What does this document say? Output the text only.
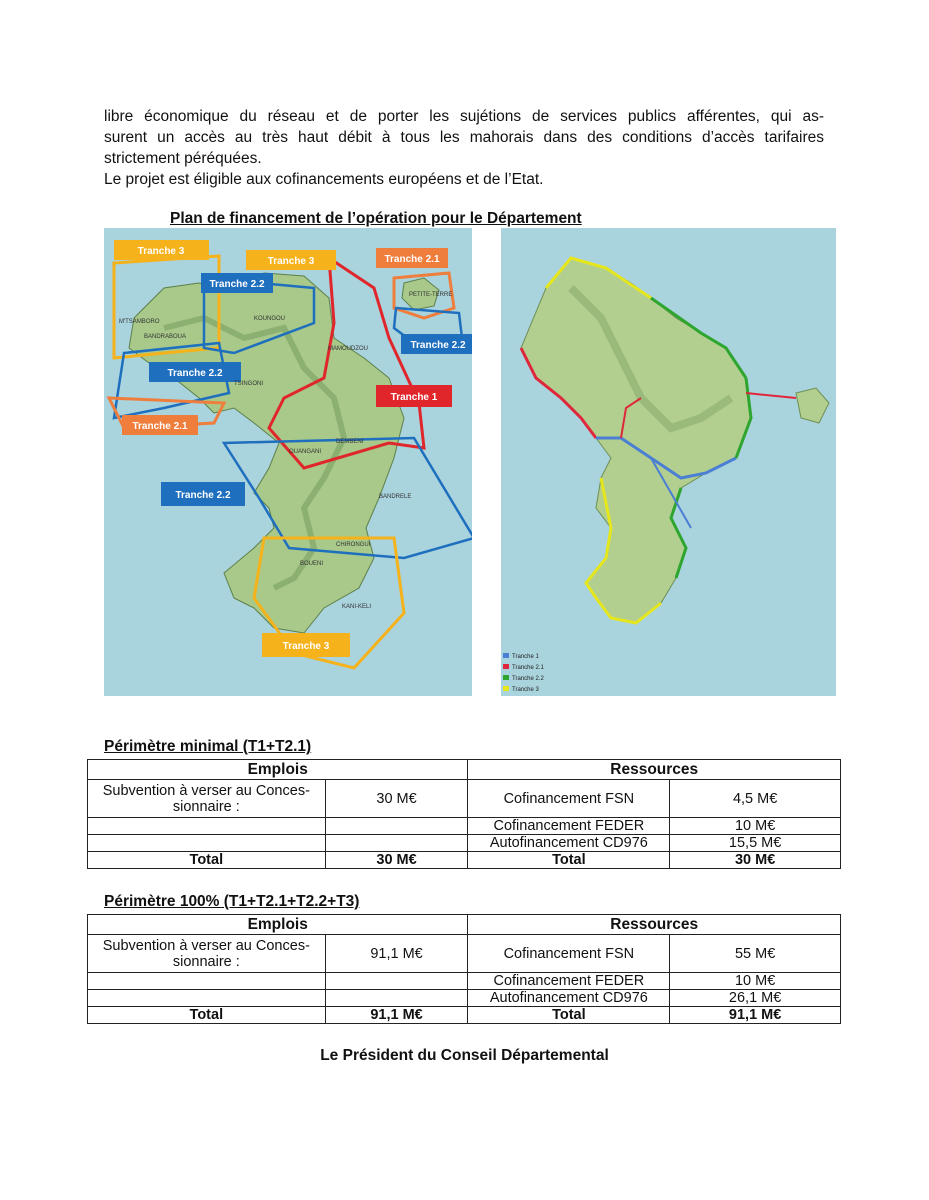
libre économique du réseau et de porter les sujétions de services publics afférentes, qui as-
surent un accès au très haut débit à tous les mahorais dans des conditions d’accès tarifaires
strictement péréquées.
Le projet est éligible aux cofinancements européens et de l’Etat.
Plan de financement de l’opération pour le Département
Tranche 3
Tranche 3
Tranche 2.2
Tranche 2.1
Tranche 2.2
Tranche 2.2
Tranche 1
Tranche 2.1
Tranche 2.2
Tranche 3
M'TSAMBORO
BANDRABOUA
KOUNGOU
MAMOUDZOU
TSINGONI
DEMBENI
OUANGANI
BANDRELE
CHIRONGUI
BOUENI
KANI-KELI
PETITE-TERRE
Tranche 1
Tranche 2.1
Tranche 2.2
Tranche 3
Périmètre minimal (T1+T2.1)
Emplois		Ressources	
Subvention à verser au Conces-
sionnaire :	30 M€	Cofinancement FSN	4,5 M€
		Cofinancement FEDER	10 M€
		Autofinancement CD976	15,5 M€
Total	30 M€	Total	30 M€
Périmètre 100% (T1+T2.1+T2.2+T3)
Emplois		Ressources	
Subvention à verser au Conces-
sionnaire :	91,1 M€	Cofinancement FSN	55 M€
		Cofinancement FEDER	10 M€
		Autofinancement CD976	26,1 M€
Total	91,1 M€	Total	91,1 M€
Le Président du Conseil Départemental
